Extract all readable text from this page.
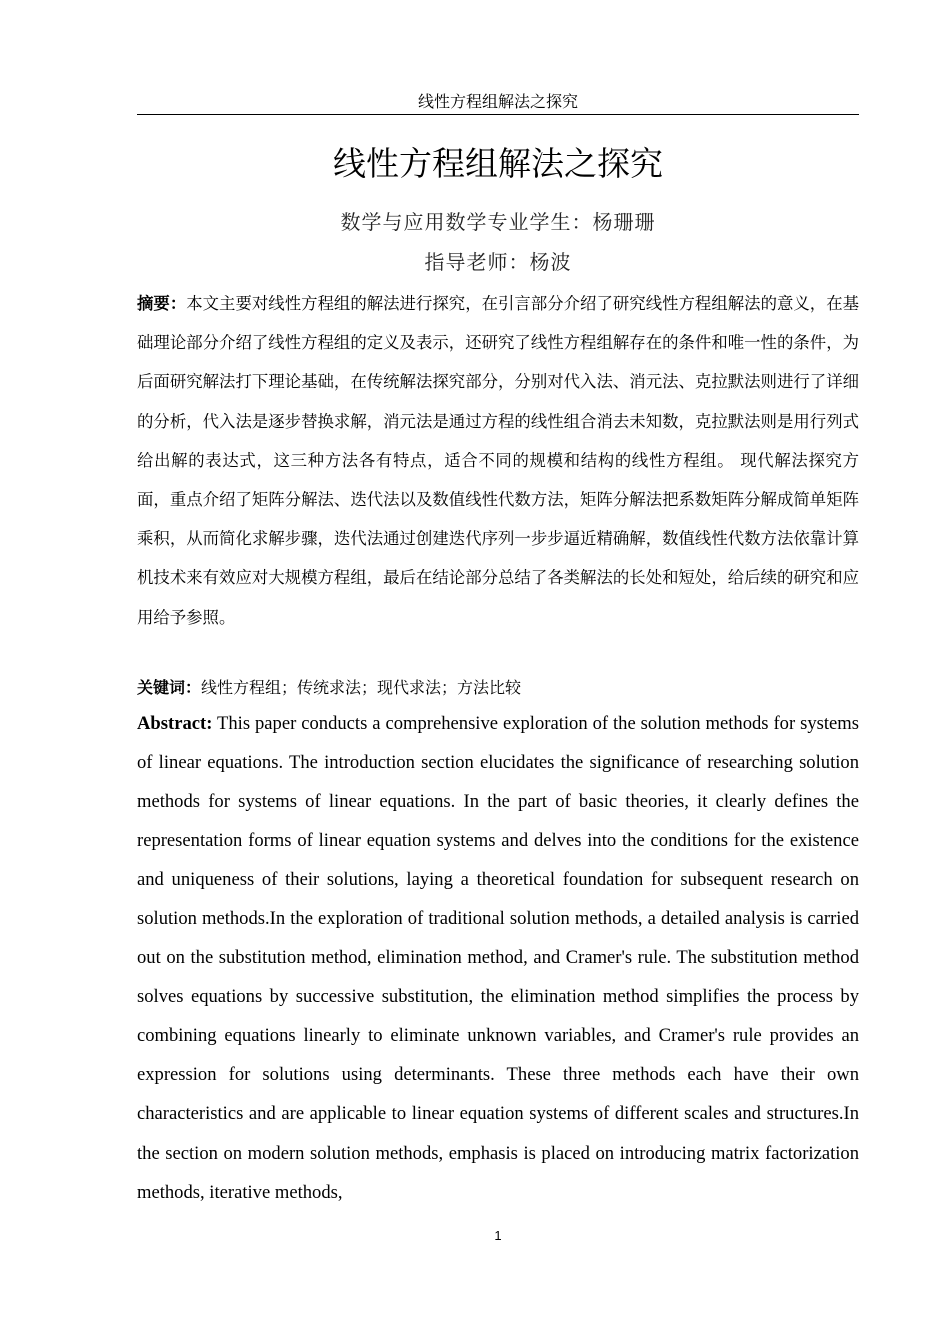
线性方程组解法之探究
线性方程组解法之探究
数学与应用数学专业学生：杨珊珊
指导老师：杨波
摘要：本文主要对线性方程组的解法进行探究，在引言部分介绍了研究线性方程组解法的意义，在基础理论部分介绍了线性方程组的定义及表示，还研究了线性方程组解存在的条件和唯一性的条件，为后面研究解法打下理论基础，在传统解法探究部分，分别对代入法、消元法、克拉默法则进行了详细的分析，代入法是逐步替换求解，消元法是通过方程的线性组合消去未知数，克拉默法则是用行列式给出解的表达式，这三种方法各有特点，适合不同的规模和结构的线性方程组。 现代解法探究方面，重点介绍了矩阵分解法、迭代法以及数值线性代数方法，矩阵分解法把系数矩阵分解成简单矩阵乘积，从而简化求解步骤，迭代法通过创建迭代序列一步步逼近精确解，数值线性代数方法依靠计算机技术来有效应对大规模方程组，最后在结论部分总结了各类解法的长处和短处，给后续的研究和应用给予参照。
关键词：线性方程组；传统求法；现代求法；方法比较
Abstract: This paper conducts a comprehensive exploration of the solution methods for systems of linear equations. The introduction section elucidates the significance of researching solution methods for systems of linear equations. In the part of basic theories, it clearly defines the representation forms of linear equation systems and delves into the conditions for the existence and uniqueness of their solutions, laying a theoretical foundation for subsequent research on solution methods.In the exploration of traditional solution methods, a detailed analysis is carried out on the substitution method, elimination method, and Cramer's rule. The substitution method solves equations by successive substitution, the elimination method simplifies the process by combining equations linearly to eliminate unknown variables, and Cramer's rule provides an expression for solutions using determinants. These three methods each have their own characteristics and are applicable to linear equation systems of different scales and structures.In the section on modern solution methods, emphasis is placed on introducing matrix factorization methods, iterative methods,
1
